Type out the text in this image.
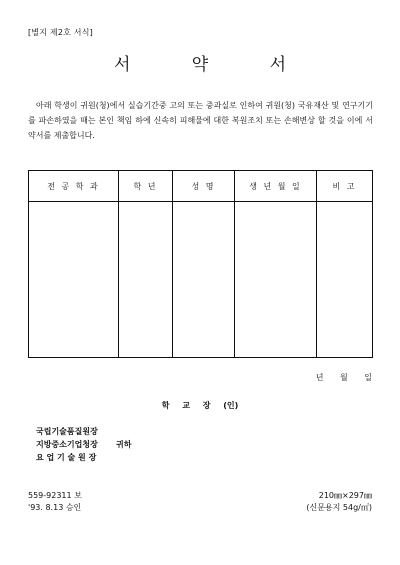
[별지 제2호 서식]
서	약	서
아래 학생이 귀원(청)에서 실습기간중 고의 또는 중과실로 인하여 귀원(청) 국유재산 및 연구기기를 파손하였을 때는 본인 책임 하에 신속히 피해물에 대한 복원조치 또는 손해변상 할 것을 이에 서약서를 제출합니다.
전 공 학 과	학 년	성 명	생 년 월 일	비 고

년 월 일
학 교 장 (인)
국립기술품질원장
지방중소기업청장	귀하
요 업 기 술 원 장
559-92311 보
'93. 8.13 승인
210㎜×297㎜
(신문용지 54g/㎡)
